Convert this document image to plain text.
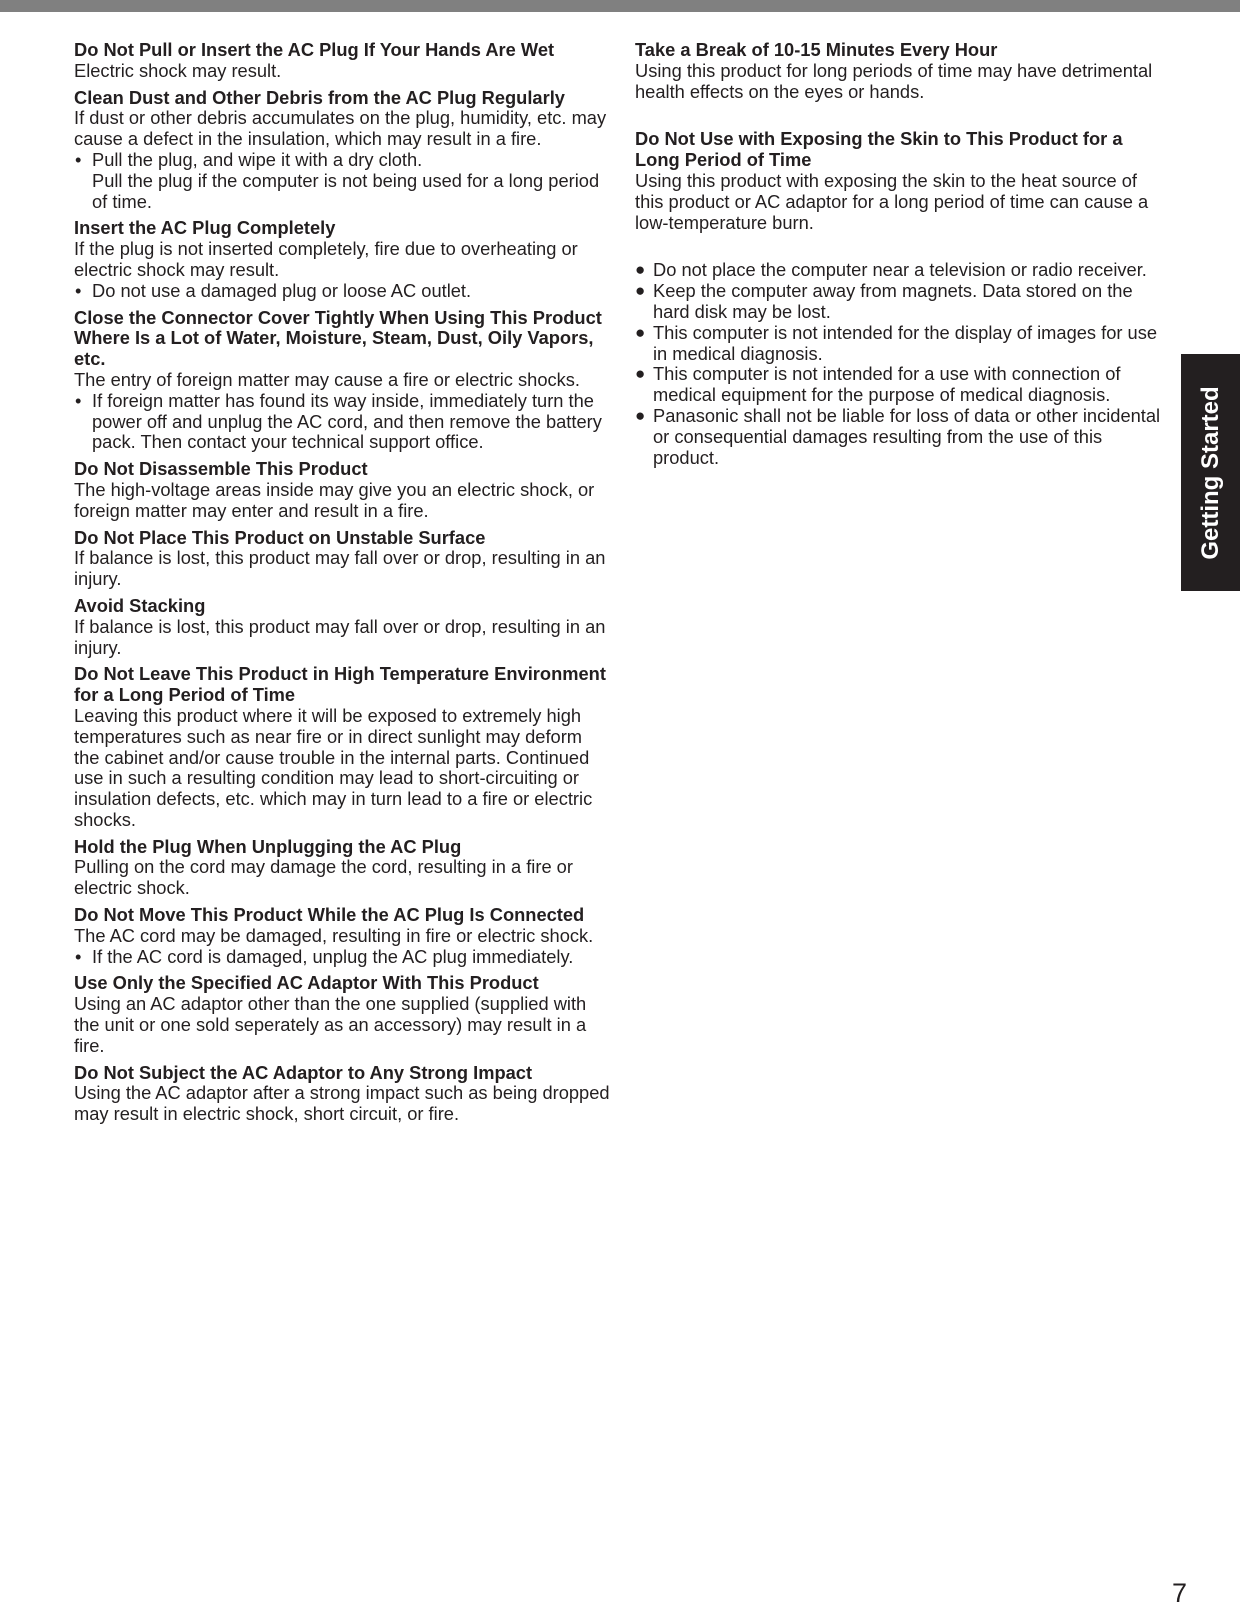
Do Not Pull or Insert the AC Plug If Your Hands Are Wet

Electric shock may result.

Clean Dust and Other Debris from the AC Plug Regularly

If dust or other debris accumulates on the plug, humidity, etc. may cause a defect in the insulation, which may result in a fire.

• Pull the plug, and wipe it with a dry cloth.
Pull the plug if the computer is not being used for a long period of time.

Insert the AC Plug Completely

If the plug is not inserted completely, fire due to overheating or electric shock may result.

• Do not use a damaged plug or loose AC outlet.

Close the Connector Cover Tightly When Using This Product Where Is a Lot of Water, Moisture, Steam, Dust, Oily Vapors, etc.

The entry of foreign matter may cause a fire or electric shocks.

• If foreign matter has found its way inside, immediately turn the power off and unplug the AC cord, and then remove the battery pack. Then contact your technical support office.

Do Not Disassemble This Product

The high-voltage areas inside may give you an electric shock, or foreign matter may enter and result in a fire.

Do Not Place This Product on Unstable Surface

If balance is lost, this product may fall over or drop, resulting in an injury.

Avoid Stacking

If balance is lost, this product may fall over or drop, resulting in an injury.

Do Not Leave This Product in High Temperature Environment for a Long Period of Time

Leaving this product where it will be exposed to extremely high temperatures such as near fire or in direct sunlight may deform the cabinet and/or cause trouble in the internal parts. Continued use in such a resulting condition may lead to short-circuiting or insulation defects, etc. which may in turn lead to a fire or electric shocks.

Hold the Plug When Unplugging the AC Plug

Pulling on the cord may damage the cord, resulting in a fire or electric shock.

Do Not Move This Product While the AC Plug Is Connected

The AC cord may be damaged, resulting in fire or electric shock.

• If the AC cord is damaged, unplug the AC plug immediately.

Use Only the Specified AC Adaptor With This Product

Using an AC adaptor other than the one supplied (supplied with the unit or one sold seperately as an accessory) may result in a fire.

Do Not Subject the AC Adaptor to Any Strong Impact

Using the AC adaptor after a strong impact such as being dropped may result in electric shock, short circuit, or fire.

Take a Break of 10-15 Minutes Every Hour

Using this product for long periods of time may have detrimental health effects on the eyes or hands.

Do Not Use with Exposing the Skin to This Product for a Long Period of Time

Using this product with exposing the skin to the heat source of this product or AC adaptor for a long period of time can cause a low-temperature burn.

● Do not place the computer near a television or radio receiver.
● Keep the computer away from magnets. Data stored on the hard disk may be lost.
● This computer is not intended for the display of images for use in medical diagnosis.
● This computer is not intended for a use with connection of medical equipment for the purpose of medical diagnosis.
● Panasonic shall not be liable for loss of data or other incidental or consequential damages resulting from the use of this product.	Getting Started
7
